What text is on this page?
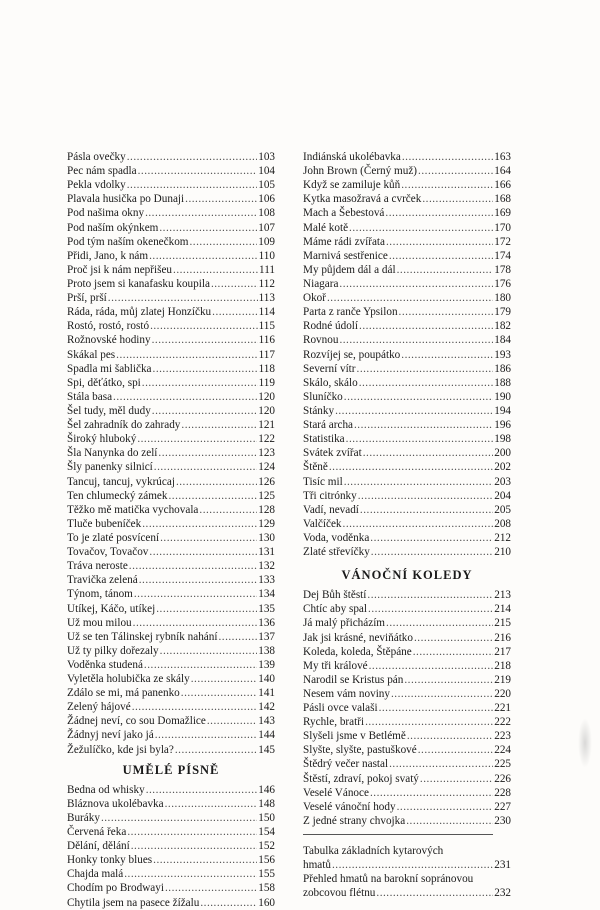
Pásla ovečky .....	103
Pec nám spadla .....	104
Pekla vdolky .....	105
Plavala husička po Dunaji .....	106
Pod našima okny .....	108
Pod naším okýnkem .....	107
Pod tým naším okenečkom .....	109
Přidi, Jano, k nám .....	110
Proč jsi k nám nepřišeu .....	111
Proto jsem si kanafasku koupila .....	112
Prší, prší .....	113
Ráda, ráda, můj zlatej Honzíčku .....	114
Rostó, rostó, rostó .....	115
Rožnovské hodiny .....	116
Skákal pes .....	117
Spadla mi šablička .....	118
Spi, děťátko, spi .....	119
Stála basa .....	120
Šel tudy, měl dudy .....	120
Šel zahradník do zahrady .....	121
Široký hluboký .....	122
Šla Nanynka do zelí .....	123
Šly panenky silnicí .....	124
Tancuj, tancuj, vykrúcaj .....	126
Ten chlumecký zámek .....	125
Těžko mě matička vychovala .....	128
Tluče bubeníček .....	129
To je zlaté posvícení .....	130
Tovačov, Tovačov .....	131
Tráva neroste .....	132
Travička zelená .....	133
Týnom, tánom .....	134
Utíkej, Káčo, utíkej .....	135
Už mou milou .....	136
Už se ten Tálinskej rybník nahání .....	137
Už ty pilky dořezaly .....	138
Voděnka studená .....	139
Vyletěla holubička ze skály .....	140
Zdálo se mi, má panenko .....	141
Zelený hájové .....	142
Žádnej neví, co sou Domažlice .....	143
Žádnyj neví jako já .....	144
Žežulíčko, kde jsi byla? .....	145
UMĚLÉ PÍSNĚ
Bedna od whisky .....	146
Bláznova ukolébavka .....	148
Buráky .....	150
Červená řeka .....	154
Dělání, dělání .....	152
Honky tonky blues .....	156
Chajda malá .....	155
Chodím po Brodwayi .....	158
Chytila jsem na pasece žížalu .....	160
Indiánská ukolébavka .....	163
John Brown (Černý muž) .....	164
Když se zamiluje kůň .....	166
Kytka masožravá a cvrček .....	168
Mach a Šebestová .....	169
Malé kotě .....	170
Máme rádi zvířata .....	172
Marnivá sestřenice .....	174
My půjdem dál a dál .....	178
Niagara .....	176
Okoř .....	180
Parta z ranče Ypsilon .....	179
Rodné údolí .....	182
Rovnou .....	184
Rozvíjej se, poupátko .....	193
Severní vítr .....	186
Skálo, skálo .....	188
Sluníčko .....	190
Stánky .....	194
Stará archa .....	196
Statistika .....	198
Svátek zvířat .....	200
Štěně .....	202
Tisíc mil .....	203
Tři citrónky .....	204
Vadí, nevadí .....	205
Valčíček .....	208
Voda, voděnka .....	212
Zlaté střevíčky .....	210
VÁNOČNÍ KOLEDY
Dej Bůh štěstí .....	213
Chtíc aby spal .....	214
Já malý přicházím .....	215
Jak jsi krásné, neviňátko .....	216
Koleda, koleda, Štěpáne .....	217
My tři králové .....	218
Narodil se Kristus pán .....	219
Nesem vám noviny .....	220
Pásli ovce valaši .....	221
Rychle, bratři .....	222
Slyšeli jsme v Betlémě .....	223
Slyšte, slyšte, pastuškové .....	224
Štědrý večer nastal .....	225
Štěstí, zdraví, pokoj svatý .....	226
Veselé Vánoce .....	228
Veselé vánoční hody .....	227
Z jedné strany chvojka .....	230
Tabulka základních kytarových
hmatů .....	231
Přehled hmatů na barokní sopránovou
zobcovou flétnu .....	232
